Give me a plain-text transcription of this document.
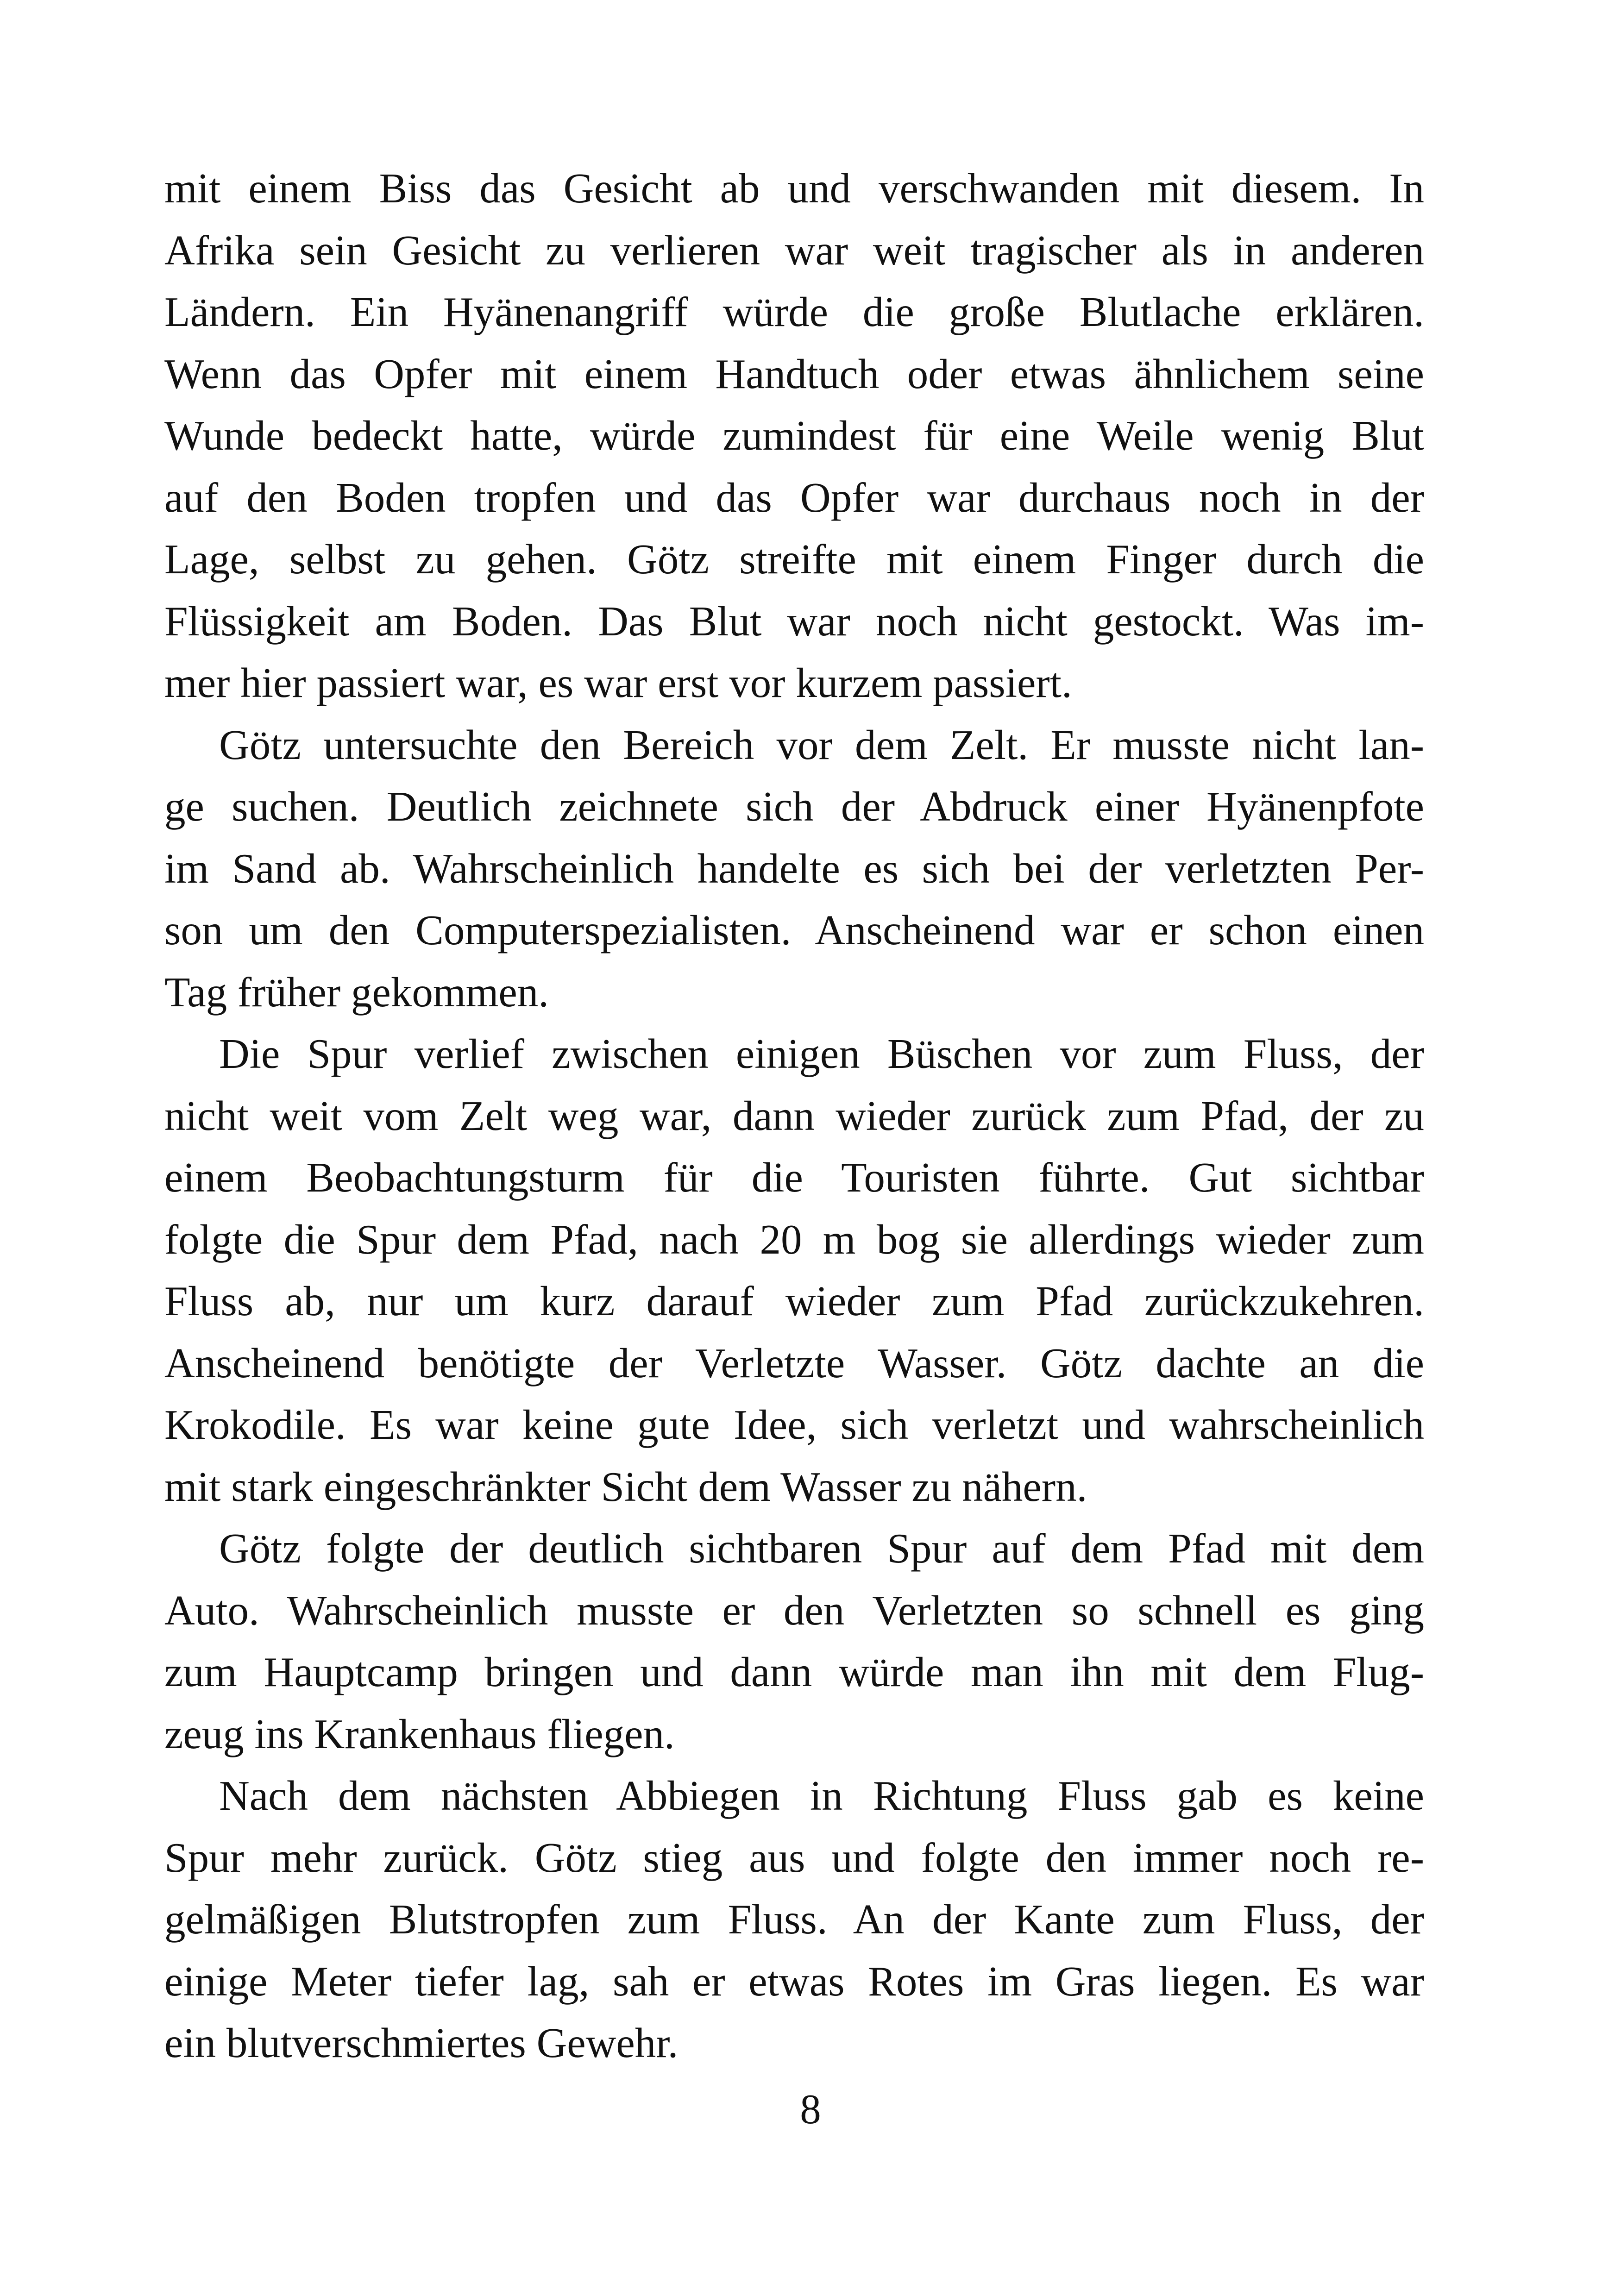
mit einem Biss das Gesicht ab und verschwanden mit diesem. In
Afrika sein Gesicht zu verlieren war weit tragischer als in anderen
Ländern. Ein Hyänenangriff würde die große Blutlache erklären.
Wenn das Opfer mit einem Handtuch oder etwas ähnlichem seine
Wunde bedeckt hatte, würde zumindest für eine Weile wenig Blut
auf den Boden tropfen und das Opfer war durchaus noch in der
Lage, selbst zu gehen. Götz streifte mit einem Finger durch die
Flüssigkeit am Boden. Das Blut war noch nicht gestockt. Was im-
mer hier passiert war, es war erst vor kurzem passiert.
Götz untersuchte den Bereich vor dem Zelt. Er musste nicht lan-
ge suchen. Deutlich zeichnete sich der Abdruck einer Hyänenpfote
im Sand ab. Wahrscheinlich handelte es sich bei der verletzten Per-
son um den Computerspezialisten. Anscheinend war er schon einen
Tag früher gekommen.
Die Spur verlief zwischen einigen Büschen vor zum Fluss, der
nicht weit vom Zelt weg war, dann wieder zurück zum Pfad, der zu
einem Beobachtungsturm für die Touristen führte. Gut sichtbar
folgte die Spur dem Pfad, nach 20 m bog sie allerdings wieder zum
Fluss ab, nur um kurz darauf wieder zum Pfad zurückzukehren.
Anscheinend benötigte der Verletzte Wasser. Götz dachte an die
Krokodile. Es war keine gute Idee, sich verletzt und wahrscheinlich
mit stark eingeschränkter Sicht dem Wasser zu nähern.
Götz folgte der deutlich sichtbaren Spur auf dem Pfad mit dem
Auto. Wahrscheinlich musste er den Verletzten so schnell es ging
zum Hauptcamp bringen und dann würde man ihn mit dem Flug-
zeug ins Krankenhaus fliegen.
Nach dem nächsten Abbiegen in Richtung Fluss gab es keine
Spur mehr zurück. Götz stieg aus und folgte den immer noch re-
gelmäßigen Blutstropfen zum Fluss. An der Kante zum Fluss, der
einige Meter tiefer lag, sah er etwas Rotes im Gras liegen. Es war
ein blutverschmiertes Gewehr.
8
